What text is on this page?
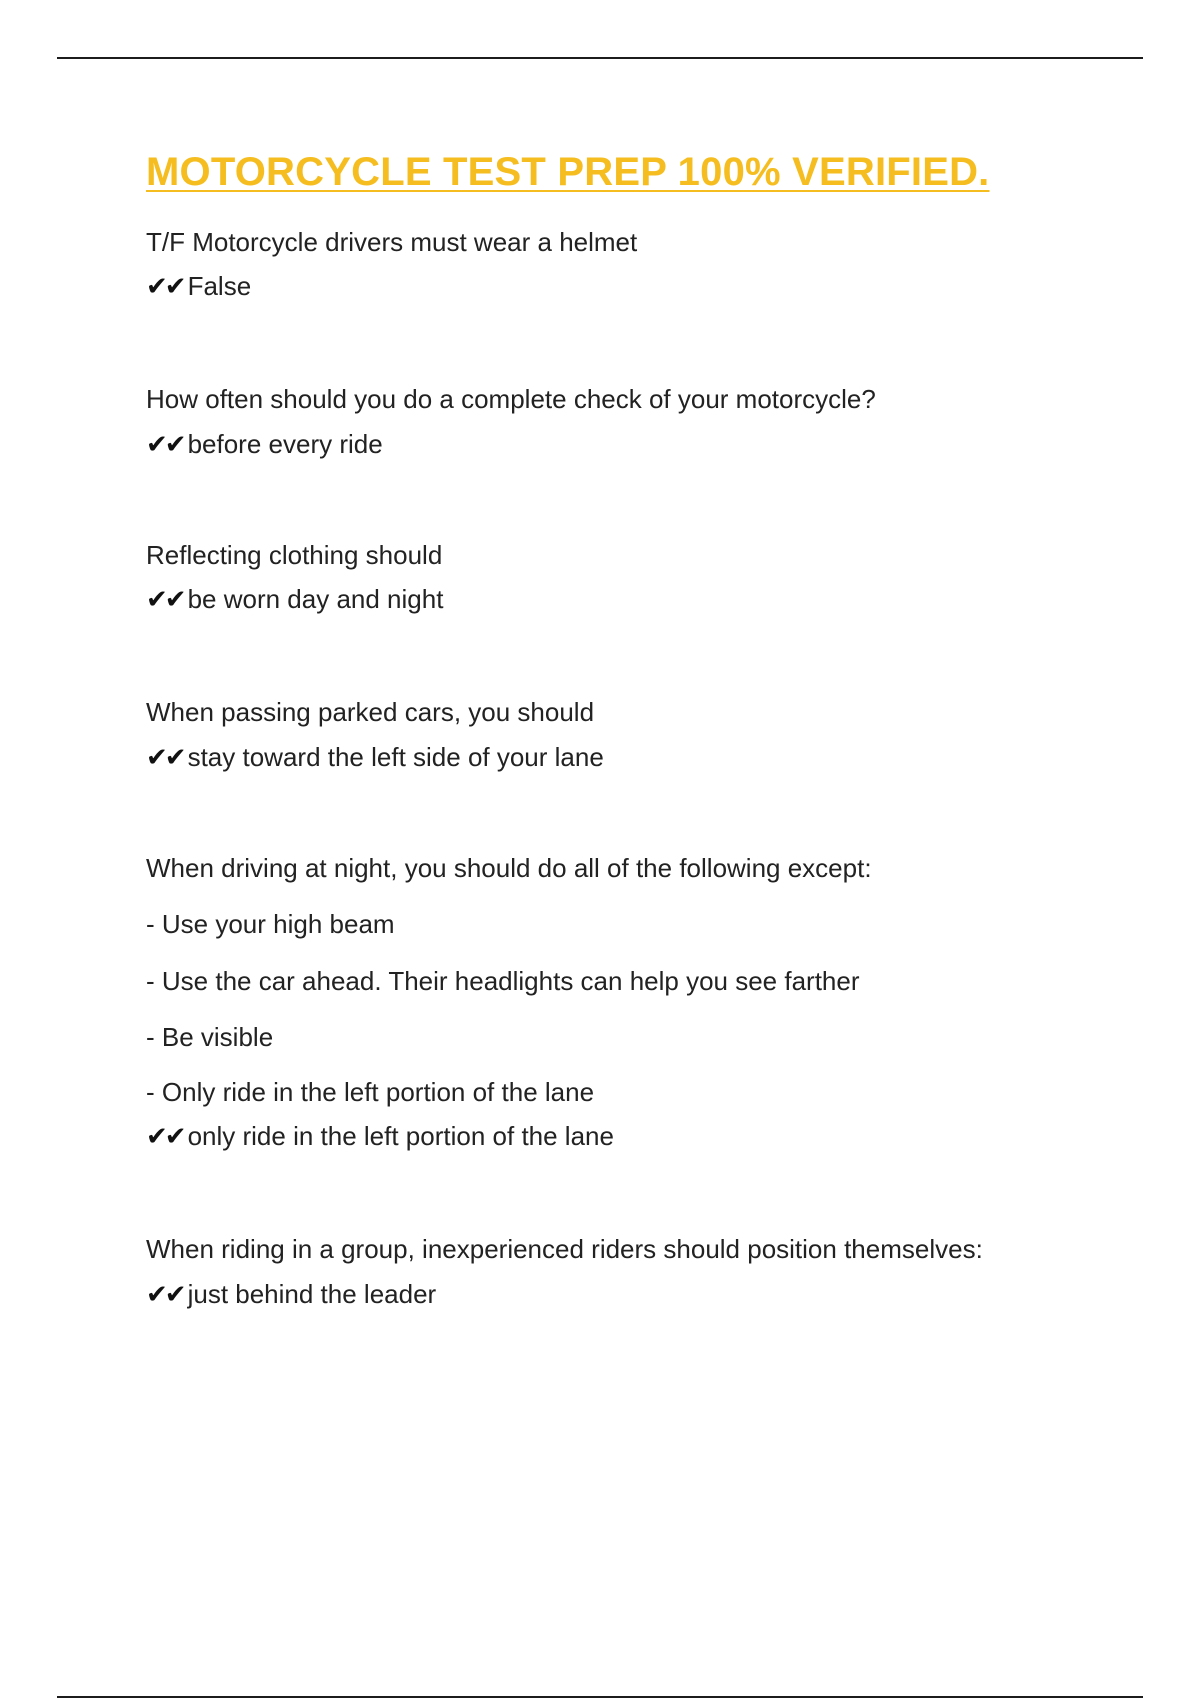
MOTORCYCLE TEST PREP 100% VERIFIED.

T/F Motorcycle drivers must wear a helmet

✔✔ False

How often should you do a complete check of your motorcycle?

✔✔ before every ride

Reflecting clothing should

✔✔ be worn day and night

When passing parked cars, you should

✔✔ stay toward the left side of your lane

When driving at night, you should do all of the following except:

- Use your high beam

- Use the car ahead. Their headlights can help you see farther

- Be visible

- Only ride in the left portion of the lane

✔✔ only ride in the left portion of the lane

When riding in a group, inexperienced riders should position themselves:

✔✔ just behind the leader
